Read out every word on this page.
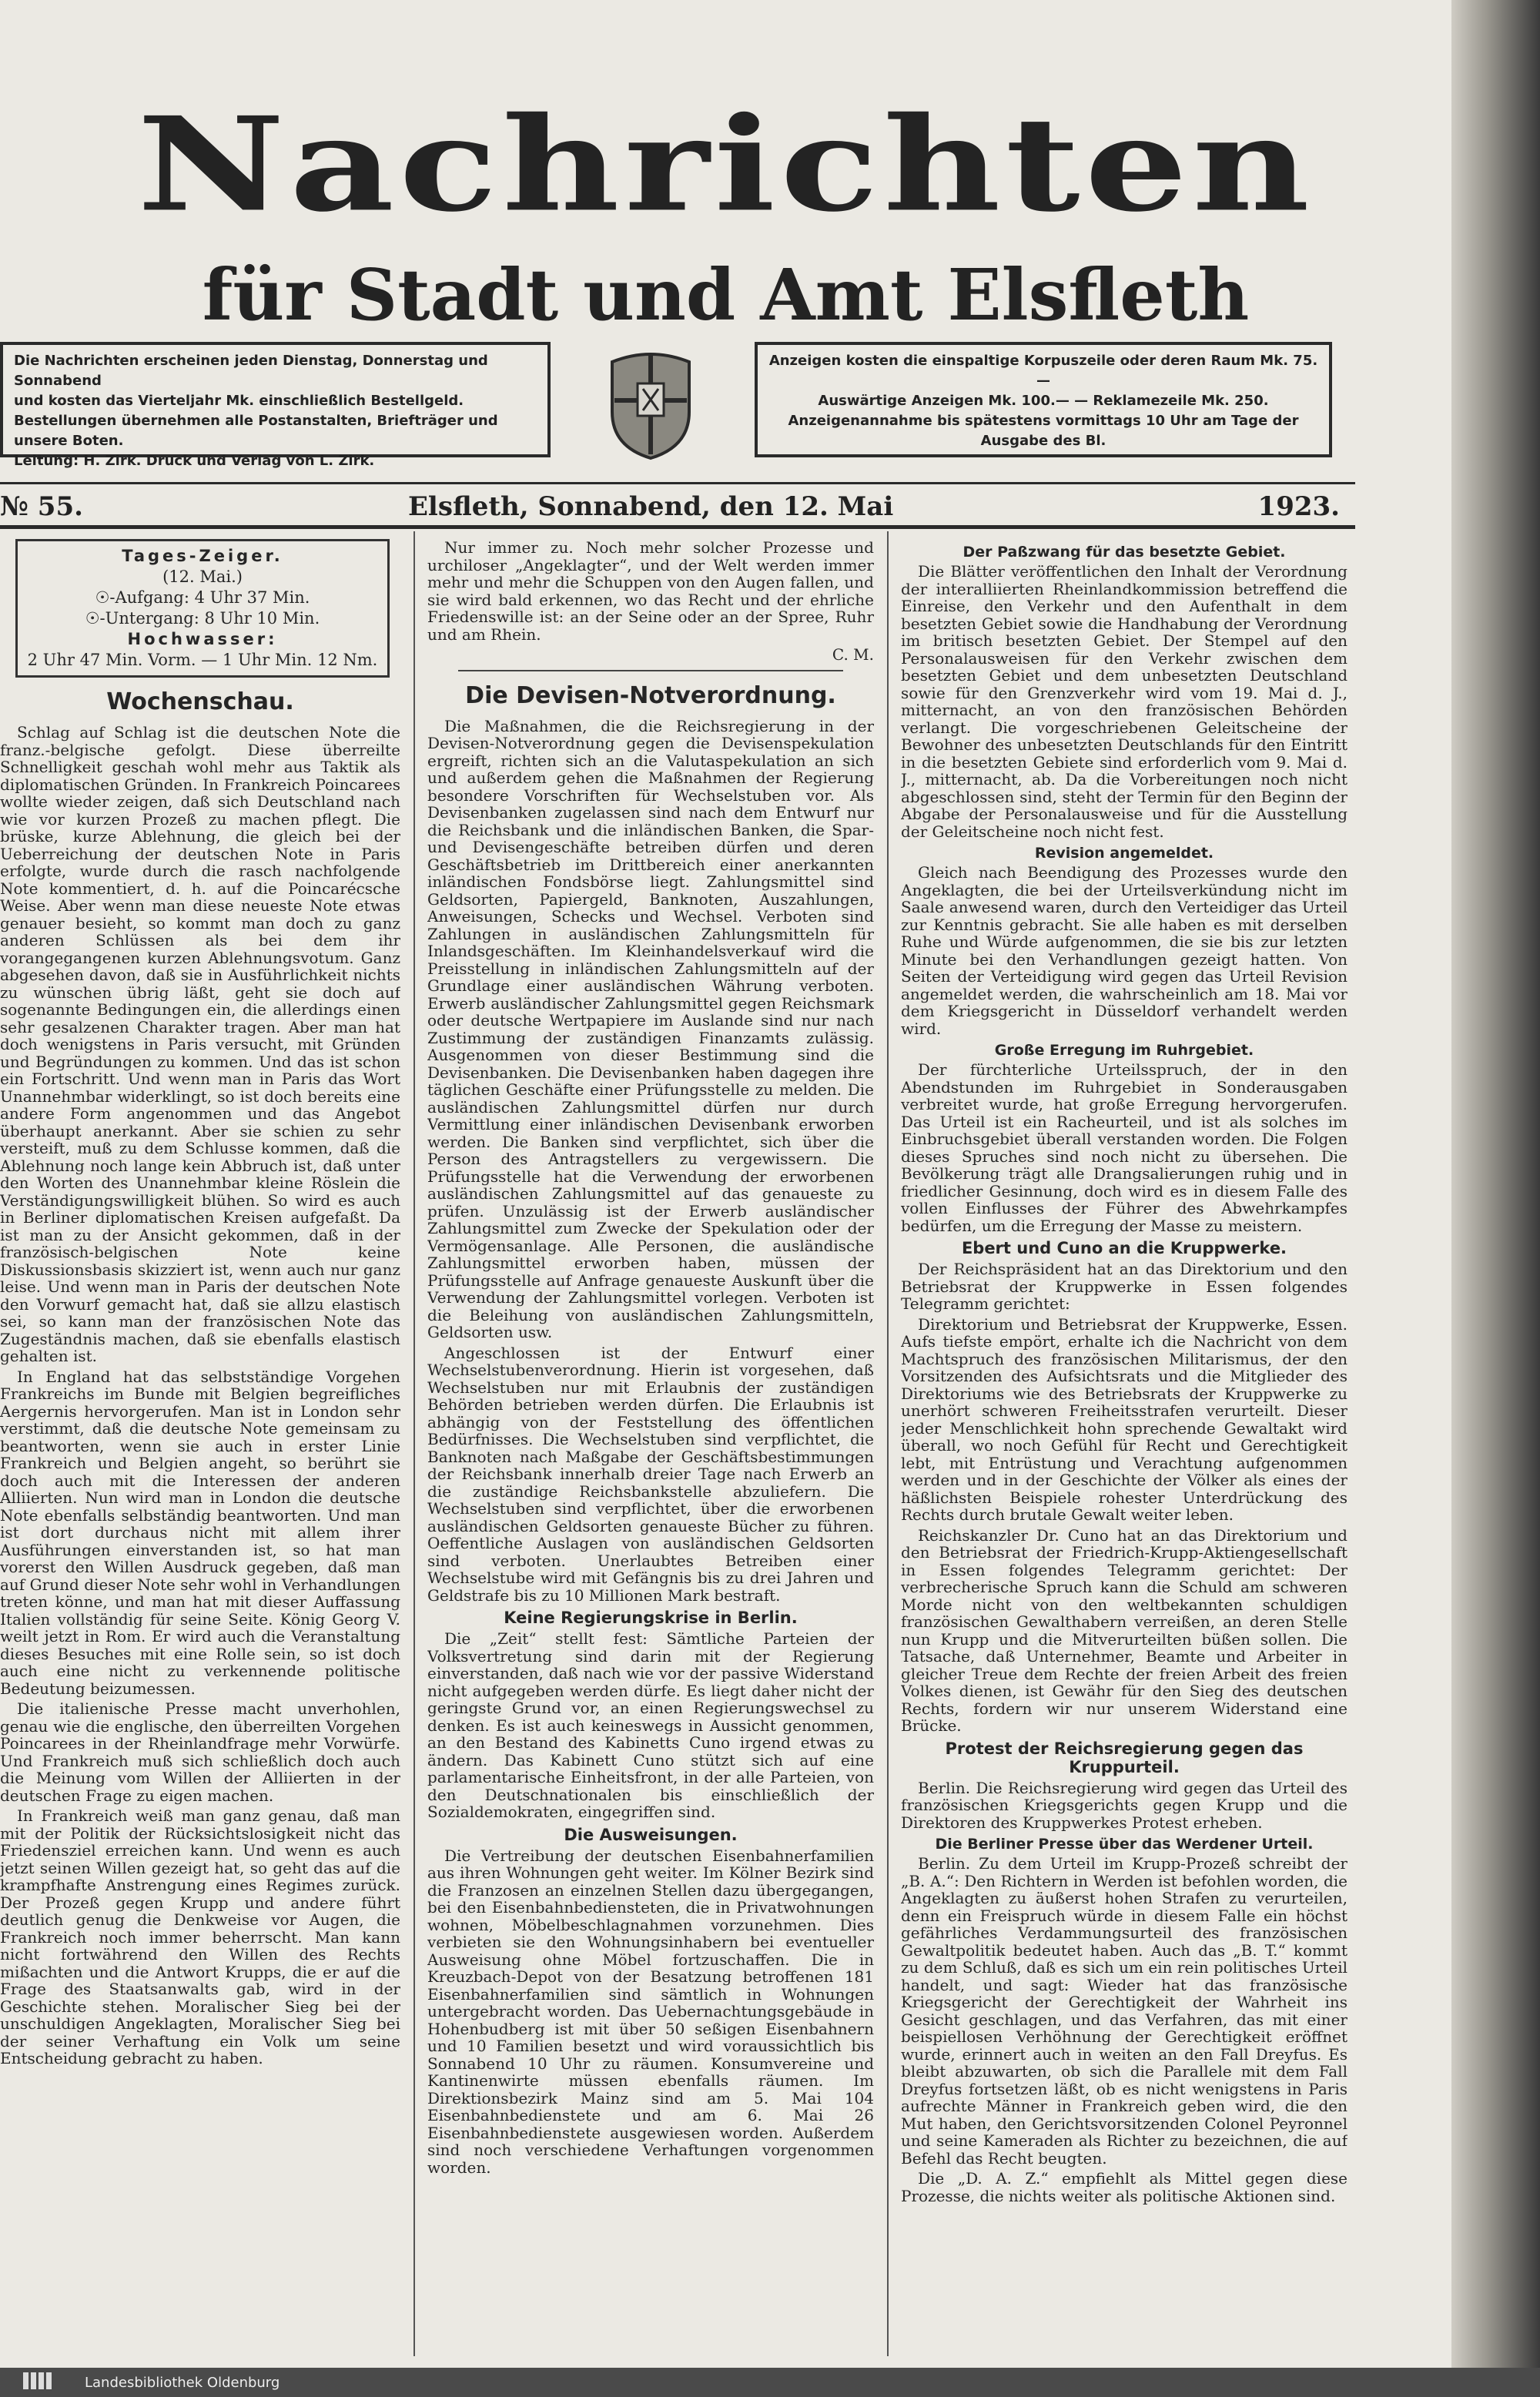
Nachrichten
für Stadt und Amt Elsfleth
Die Nachrichten erscheinen jeden Dienstag, Donnerstag und Sonnabend
und kosten das Vierteljahr Mk. einschließlich Bestellgeld.
Bestellungen übernehmen alle Postanstalten, Briefträger und unsere Boten.
Leitung: H. Zirk. Druck und Verlag von L. Zirk.
Anzeigen kosten die einspaltige Korpuszeile oder deren Raum Mk. 75.—
Auswärtige Anzeigen Mk. 100.— — Reklamezeile Mk. 250.
Anzeigenannahme bis spätestens vormittags 10 Uhr am Tage der
Ausgabe des Bl.
№ 55.	Elsfleth, Sonnabend, den 12. Mai	1923.
Tages-Zeiger.
(12. Mai.)
☉-Aufgang: 4 Uhr 37 Min.
☉-Untergang: 8 Uhr 10 Min.
Hochwasser:
2 Uhr 47 Min. Vorm. — 1 Uhr Min. 12 Nm.
Wochenschau.

Schlag auf Schlag ist die deutschen Note die franz.-belgische gefolgt. Diese überreilte Schnelligkeit geschah wohl mehr aus Taktik als diplomatischen Gründen. In Frankreich Poincarees wollte wieder zeigen, daß sich Deutschland nach wie vor kurzen Prozeß zu machen pflegt. Die brüske, kurze Ablehnung, die gleich bei der Ueberreichung der deutschen Note in Paris erfolgte, wurde durch die rasch nachfolgende Note kommentiert, d. h. auf die Poincarécsche Weise. Aber wenn man diese neueste Note etwas genauer besieht, so kommt man doch zu ganz anderen Schlüssen als bei dem ihr vorangegangenen kurzen Ablehnungsvotum. Ganz abgesehen davon, daß sie in Ausführlichkeit nichts zu wünschen übrig läßt, geht sie doch auf sogenannte Bedingungen ein, die allerdings einen sehr gesalzenen Charakter tragen. Aber man hat doch wenigstens in Paris versucht, mit Gründen und Begründungen zu kommen. Und das ist schon ein Fortschritt. Und wenn man in Paris das Wort Unannehmbar widerklingt, so ist doch bereits eine andere Form angenommen und das Angebot überhaupt anerkannt. Aber sie schien zu sehr versteift, muß zu dem Schlusse kommen, daß die Ablehnung noch lange kein Abbruch ist, daß unter den Worten des Unannehmbar kleine Röslein die Verständigungswilligkeit blühen. So wird es auch in Berliner diplomatischen Kreisen aufgefaßt. Da ist man zu der Ansicht gekommen, daß in der französisch-belgischen Note keine Diskussionsbasis skizziert ist, wenn auch nur ganz leise. Und wenn man in Paris der deutschen Note den Vorwurf gemacht hat, daß sie allzu elastisch sei, so kann man der französischen Note das Zugeständnis machen, daß sie ebenfalls elastisch gehalten ist.

In England hat das selbstständige Vorgehen Frankreichs im Bunde mit Belgien begreifliches Aergernis hervorgerufen. Man ist in London sehr verstimmt, daß die deutsche Note gemeinsam zu beantworten, wenn sie auch in erster Linie Frankreich und Belgien angeht, so berührt sie doch auch mit die Interessen der anderen Alliierten. Nun wird man in London die deutsche Note ebenfalls selbständig beantworten. Und man ist dort durchaus nicht mit allem ihrer Ausführungen einverstanden ist, so hat man vorerst den Willen Ausdruck gegeben, daß man auf Grund dieser Note sehr wohl in Verhandlungen treten könne, und man hat mit dieser Auffassung Italien vollständig für seine Seite. König Georg V. weilt jetzt in Rom. Er wird auch die Veranstaltung dieses Besuches mit eine Rolle sein, so ist doch auch eine nicht zu verkennende politische Bedeutung beizumessen.

Die italienische Presse macht unverhohlen, genau wie die englische, den überreilten Vorgehen Poincarees in der Rheinlandfrage mehr Vorwürfe. Und Frankreich muß sich schließlich doch auch die Meinung vom Willen der Alliierten in der deutschen Frage zu eigen machen.

In Frankreich weiß man ganz genau, daß man mit der Politik der Rücksichtslosigkeit nicht das Friedensziel erreichen kann. Und wenn es auch jetzt seinen Willen gezeigt hat, so geht das auf die krampfhafte Anstrengung eines Regimes zurück. Der Prozeß gegen Krupp und andere führt deutlich genug die Denkweise vor Augen, die Frankreich noch immer beherrscht. Man kann nicht fortwährend den Willen des Rechts mißachten und die Antwort Krupps, die er auf die Frage des Staatsanwalts gab, wird in der Geschichte stehen. Moralischer Sieg bei der unschuldigen Angeklagten, Moralischer Sieg bei der seiner Verhaftung ein Volk um seine Entscheidung gebracht zu haben.

Nur immer zu. Noch mehr solcher Prozesse und urchiloser „Angeklagter“, und der Welt werden immer mehr und mehr die Schuppen von den Augen fallen, und sie wird bald erkennen, wo das Recht und der ehrliche Friedenswille ist: an der Seine oder an der Spree, Ruhr und am Rhein.

C. M.
Die Devisen-Notverordnung.

Die Maßnahmen, die die Reichsregierung in der Devisen-Notverordnung gegen die Devisenspekulation ergreift, richten sich an die Valutaspekulation an sich und außerdem gehen die Maßnahmen der Regierung besondere Vorschriften für Wechselstuben vor. Als Devisenbanken zugelassen sind nach dem Entwurf nur die Reichsbank und die inländischen Banken, die Spar- und Devisengeschäfte betreiben dürfen und deren Geschäftsbetrieb im Drittbereich einer anerkannten inländischen Fondsbörse liegt. Zahlungsmittel sind Geldsorten, Papiergeld, Banknoten, Auszahlungen, Anweisungen, Schecks und Wechsel. Verboten sind Zahlungen in ausländischen Zahlungsmitteln für Inlandsgeschäften. Im Kleinhandelsverkauf wird die Preisstellung in inländischen Zahlungsmitteln auf der Grundlage einer ausländischen Währung verboten. Erwerb ausländischer Zahlungsmittel gegen Reichsmark oder deutsche Wertpapiere im Auslande sind nur nach Zustimmung der zuständigen Finanzamts zulässig. Ausgenommen von dieser Bestimmung sind die Devisenbanken. Die Devisenbanken haben dagegen ihre täglichen Geschäfte einer Prüfungsstelle zu melden. Die ausländischen Zahlungsmittel dürfen nur durch Vermittlung einer inländischen Devisenbank erworben werden. Die Banken sind verpflichtet, sich über die Person des Antragstellers zu vergewissern. Die Prüfungsstelle hat die Verwendung der erworbenen ausländischen Zahlungsmittel auf das genaueste zu prüfen. Unzulässig ist der Erwerb ausländischer Zahlungsmittel zum Zwecke der Spekulation oder der Vermögensanlage. Alle Personen, die ausländische Zahlungsmittel erworben haben, müssen der Prüfungsstelle auf Anfrage genaueste Auskunft über die Verwendung der Zahlungsmittel vorlegen. Verboten ist die Beleihung von ausländischen Zahlungsmitteln, Geldsorten usw.

Angeschlossen ist der Entwurf einer Wechselstubenverordnung. Hierin ist vorgesehen, daß Wechselstuben nur mit Erlaubnis der zuständigen Behörden betrieben werden dürfen. Die Erlaubnis ist abhängig von der Feststellung des öffentlichen Bedürfnisses. Die Wechselstuben sind verpflichtet, die Banknoten nach Maßgabe der Geschäftsbestimmungen der Reichsbank innerhalb dreier Tage nach Erwerb an die zuständige Reichsbankstelle abzuliefern. Die Wechselstuben sind verpflichtet, über die erworbenen ausländischen Geldsorten genaueste Bücher zu führen. Oeffentliche Auslagen von ausländischen Geldsorten sind verboten. Unerlaubtes Betreiben einer Wechselstube wird mit Gefängnis bis zu drei Jahren und Geldstrafe bis zu 10 Millionen Mark bestraft.

Keine Regierungskrise in Berlin.

Die „Zeit“ stellt fest: Sämtliche Parteien der Volksvertretung sind darin mit der Regierung einverstanden, daß nach wie vor der passive Widerstand nicht aufgegeben werden dürfe. Es liegt daher nicht der geringste Grund vor, an einen Regierungswechsel zu denken. Es ist auch keineswegs in Aussicht genommen, an den Bestand des Kabinetts Cuno irgend etwas zu ändern. Das Kabinett Cuno stützt sich auf eine parlamentarische Einheitsfront, in der alle Parteien, von den Deutschnationalen bis einschließlich der Sozialdemokraten, eingegriffen sind.

Die Ausweisungen.

Die Vertreibung der deutschen Eisenbahnerfamilien aus ihren Wohnungen geht weiter. Im Kölner Bezirk sind die Franzosen an einzelnen Stellen dazu übergegangen, bei den Eisenbahnbediensteten, die in Privatwohnungen wohnen, Möbelbeschlagnahmen vorzunehmen. Dies verbieten sie den Wohnungsinhabern bei eventueller Ausweisung ohne Möbel fortzuschaffen. Die in Kreuzbach-Depot von der Besatzung betroffenen 181 Eisenbahnerfamilien sind sämtlich in Wohnungen untergebracht worden. Das Uebernachtungsgebäude in Hohenbudberg ist mit über 50 seßigen Eisenbahnern und 10 Familien besetzt und wird voraussichtlich bis Sonnabend 10 Uhr zu räumen. Konsumvereine und Kantinenwirte müssen ebenfalls räumen. Im Direktionsbezirk Mainz sind am 5. Mai 104 Eisenbahnbedienstete und am 6. Mai 26 Eisenbahnbedienstete ausgewiesen worden. Außerdem sind noch verschiedene Verhaftungen vorgenommen worden.

Der Paßzwang für das besetzte Gebiet.

Die Blätter veröffentlichen den Inhalt der Verordnung der interalliierten Rheinlandkommission betreffend die Einreise, den Verkehr und den Aufenthalt in dem besetzten Gebiet sowie die Handhabung der Verordnung im britisch besetzten Gebiet. Der Stempel auf den Personalausweisen für den Verkehr zwischen dem besetzten Gebiet und dem unbesetzten Deutschland sowie für den Grenzverkehr wird vom 19. Mai d. J., mitternacht, an von den französischen Behörden verlangt. Die vorgeschriebenen Geleitscheine der Bewohner des unbesetzten Deutschlands für den Eintritt in die besetzten Gebiete sind erforderlich vom 9. Mai d. J., mitternacht, ab. Da die Vorbereitungen noch nicht abgeschlossen sind, steht der Termin für den Beginn der Abgabe der Personalausweise und für die Ausstellung der Geleitscheine noch nicht fest.

Revision angemeldet.

Gleich nach Beendigung des Prozesses wurde den Angeklagten, die bei der Urteilsverkündung nicht im Saale anwesend waren, durch den Verteidiger das Urteil zur Kenntnis gebracht. Sie alle haben es mit derselben Ruhe und Würde aufgenommen, die sie bis zur letzten Minute bei den Verhandlungen gezeigt hatten. Von Seiten der Verteidigung wird gegen das Urteil Revision angemeldet werden, die wahrscheinlich am 18. Mai vor dem Kriegsgericht in Düsseldorf verhandelt werden wird.

Große Erregung im Ruhrgebiet.

Der fürchterliche Urteilsspruch, der in den Abendstunden im Ruhrgebiet in Sonderausgaben verbreitet wurde, hat große Erregung hervorgerufen. Das Urteil ist ein Racheurteil, und ist als solches im Einbruchsgebiet überall verstanden worden. Die Folgen dieses Spruches sind noch nicht zu übersehen. Die Bevölkerung trägt alle Drangsalierungen ruhig und in friedlicher Gesinnung, doch wird es in diesem Falle des vollen Einflusses der Führer des Abwehrkampfes bedürfen, um die Erregung der Masse zu meistern.

Ebert und Cuno an die Kruppwerke.

Der Reichspräsident hat an das Direktorium und den Betriebsrat der Kruppwerke in Essen folgendes Telegramm gerichtet:

Direktorium und Betriebsrat der Kruppwerke, Essen. Aufs tiefste empört, erhalte ich die Nachricht von dem Machtspruch des französischen Militarismus, der den Vorsitzenden des Aufsichtsrats und die Mitglieder des Direktoriums wie des Betriebsrats der Kruppwerke zu unerhört schweren Freiheitsstrafen verurteilt. Dieser jeder Menschlichkeit hohn sprechende Gewaltakt wird überall, wo noch Gefühl für Recht und Gerechtigkeit lebt, mit Entrüstung und Verachtung aufgenommen werden und in der Geschichte der Völker als eines der häßlichsten Beispiele rohester Unterdrückung des Rechts durch brutale Gewalt weiter leben.

Reichskanzler Dr. Cuno hat an das Direktorium und den Betriebsrat der Friedrich-Krupp-Aktiengesellschaft in Essen folgendes Telegramm gerichtet: Der verbrecherische Spruch kann die Schuld am schweren Morde nicht von den weltbekannten schuldigen französischen Gewalthabern verreißen, an deren Stelle nun Krupp und die Mitverurteilten büßen sollen. Die Tatsache, daß Unternehmer, Beamte und Arbeiter in gleicher Treue dem Rechte der freien Arbeit des freien Volkes dienen, ist Gewähr für den Sieg des deutschen Rechts, fordern wir nur unserem Widerstand eine Brücke.

Protest der Reichsregierung gegen das Kruppurteil.

Berlin. Die Reichsregierung wird gegen das Urteil des französischen Kriegsgerichts gegen Krupp und die Direktoren des Kruppwerkes Protest erheben.

Die Berliner Presse über das Werdener Urteil.

Berlin. Zu dem Urteil im Krupp-Prozeß schreibt der „B. A.“: Den Richtern in Werden ist befohlen worden, die Angeklagten zu äußerst hohen Strafen zu verurteilen, denn ein Freispruch würde in diesem Falle ein höchst gefährliches Verdammungsurteil des französischen Gewaltpolitik bedeutet haben. Auch das „B. T.“ kommt zu dem Schluß, daß es sich um ein rein politisches Urteil handelt, und sagt: Wieder hat das französische Kriegsgericht der Gerechtigkeit der Wahrheit ins Gesicht geschlagen, und das Verfahren, das mit einer beispiellosen Verhöhnung der Gerechtigkeit eröffnet wurde, erinnert auch in weiten an den Fall Dreyfus. Es bleibt abzuwarten, ob sich die Parallele mit dem Fall Dreyfus fortsetzen läßt, ob es nicht wenigstens in Paris aufrechte Männer in Frankreich geben wird, die den Mut haben, den Gerichtsvorsitzenden Colonel Peyronnel und seine Kameraden als Richter zu bezeichnen, die auf Befehl das Recht beugten.

Die „D. A. Z.“ empfiehlt als Mittel gegen diese Prozesse, die nichts weiter als politische Aktionen sind.

Landesbibliothek Oldenburg
